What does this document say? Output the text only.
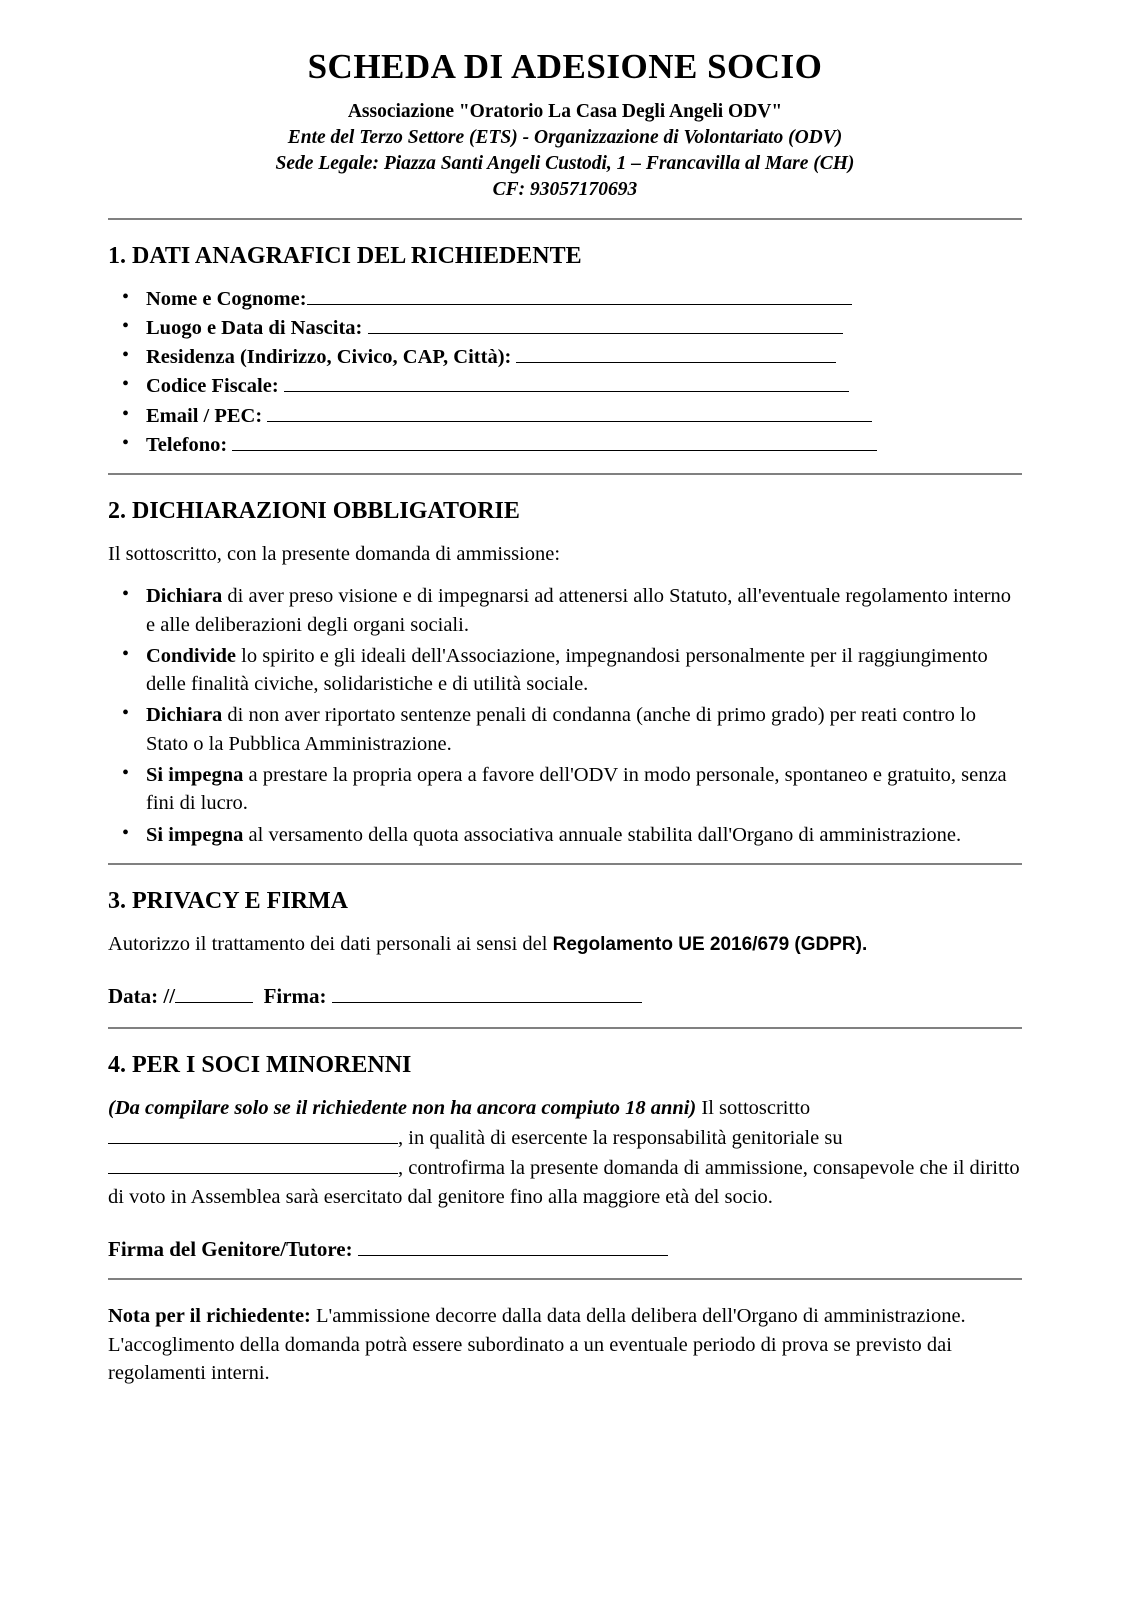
SCHEDA DI ADESIONE SOCIO
Associazione "Oratorio La Casa Degli Angeli ODV"
Ente del Terzo Settore (ETS) - Organizzazione di Volontariato (ODV)
Sede Legale: Piazza Santi Angeli Custodi, 1 – Francavilla al Mare (CH)
CF: 93057170693
1. DATI ANAGRAFICI DEL RICHIEDENTE
• Nome e Cognome:
• Luogo e Data di Nascita:
• Residenza (Indirizzo, Civico, CAP, Città):
• Codice Fiscale:
• Email / PEC:
• Telefono:
2. DICHIARAZIONI OBBLIGATORIE

Il sottoscritto, con la presente domanda di ammissione:

• Dichiara di aver preso visione e di impegnarsi ad attenersi allo Statuto, all'eventuale regolamento interno e alle deliberazioni degli organi sociali.
• Condivide lo spirito e gli ideali dell'Associazione, impegnandosi personalmente per il raggiungimento delle finalità civiche, solidaristiche e di utilità sociale.
• Dichiara di non aver riportato sentenze penali di condanna (anche di primo grado) per reati contro lo Stato o la Pubblica Amministrazione.
• Si impegna a prestare la propria opera a favore dell'ODV in modo personale, spontaneo e gratuito, senza fini di lucro.
• Si impegna al versamento della quota associativa annuale stabilita dall'Organo di amministrazione.
3. PRIVACY E FIRMA

Autorizzo il trattamento dei dati personali ai sensi del Regolamento UE 2016/679 (GDPR).

Data: //	Firma:

4. PER I SOCI MINORENNI

(Da compilare solo se il richiedente non ha ancora compiuto 18 anni) Il sottoscritto , in qualità di esercente la responsabilità genitoriale su , controfirma la presente domanda di ammissione, consapevole che il diritto di voto in Assemblea sarà esercitato dal genitore fino alla maggiore età del socio.

Firma del Genitore/Tutore:

Nota per il richiedente: L'ammissione decorre dalla data della delibera dell'Organo di amministrazione. L'accoglimento della domanda potrà essere subordinato a un eventuale periodo di prova se previsto dai regolamenti interni.
